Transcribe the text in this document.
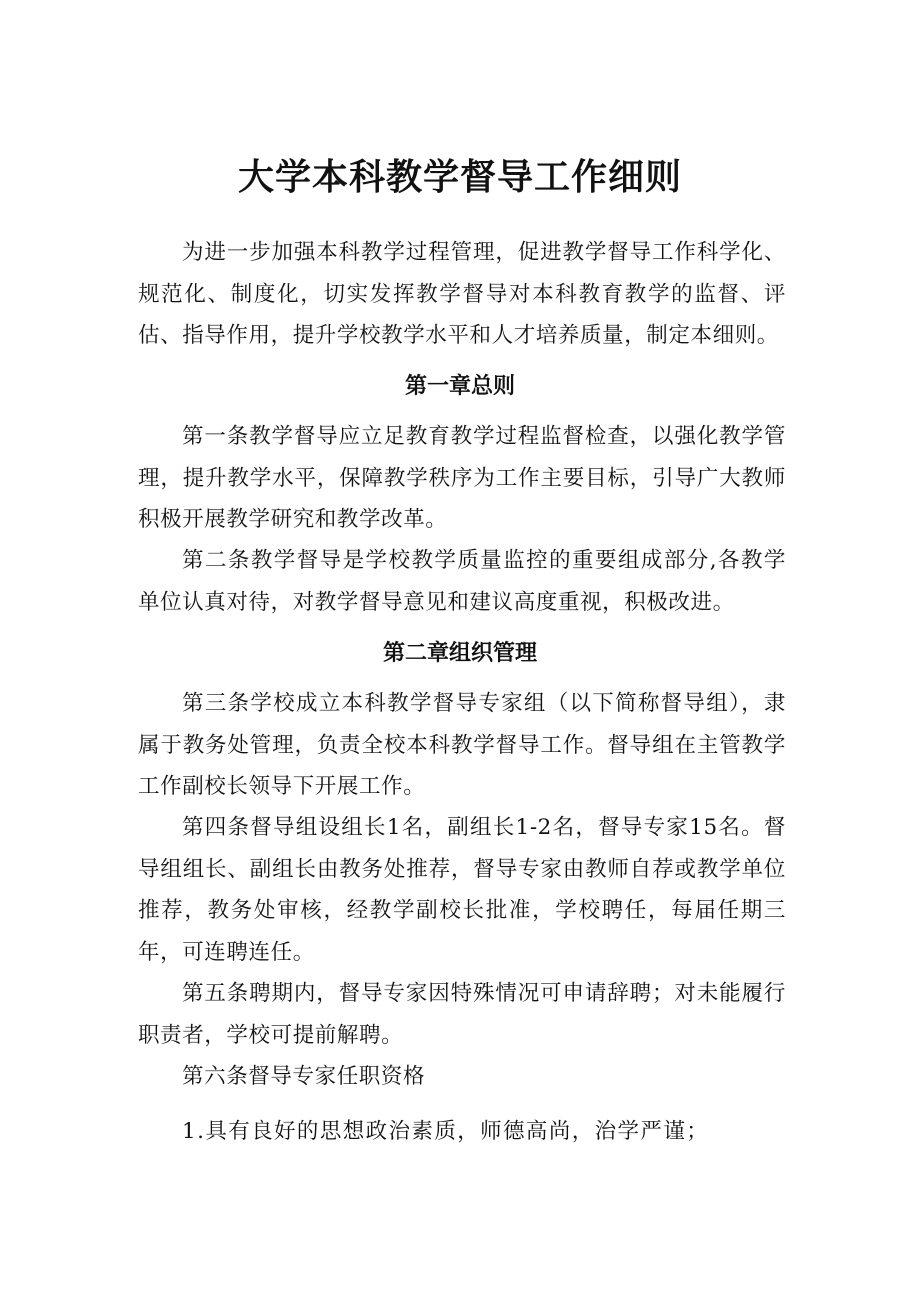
大学本科教学督导工作细则

为进一步加强本科教学过程管理，促进教学督导工作科学化、规范化、制度化，切实发挥教学督导对本科教育教学的监督、评估、指导作用，提升学校教学水平和人才培养质量，制定本细则。

第一章总则

第一条教学督导应立足教育教学过程监督检查，以强化教学管理，提升教学水平，保障教学秩序为工作主要目标，引导广大教师积极开展教学研究和教学改革。

第二条教学督导是学校教学质量监控的重要组成部分,各教学单位认真对待，对教学督导意见和建议高度重视，积极改进。

第二章组织管理

第三条学校成立本科教学督导专家组（以下简称督导组），隶属于教务处管理，负责全校本科教学督导工作。督导组在主管教学工作副校长领导下开展工作。

第四条督导组设组长1名，副组长1-2名，督导专家15名。督导组组长、副组长由教务处推荐，督导专家由教师自荐或教学单位推荐，教务处审核，经教学副校长批准，学校聘任，每届任期三年，可连聘连任。

第五条聘期内，督导专家因特殊情况可申请辞聘；对未能履行职责者，学校可提前解聘。

第六条督导专家任职资格

1.具有良好的思想政治素质，师德高尚，治学严谨；
